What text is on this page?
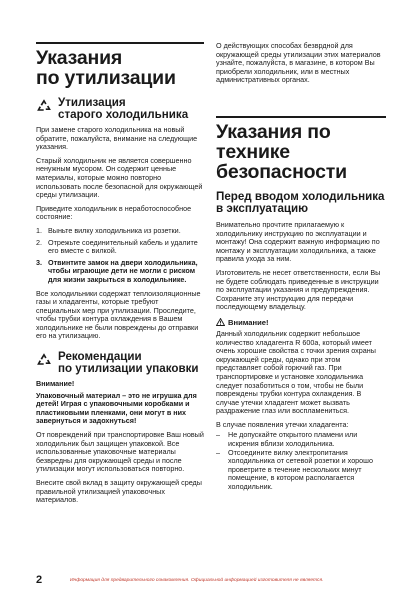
Указания
по утилизации
Утилизация
старого холодильника

При замене старого холодильника на новый обратите, пожалуйста, внимание на следующие указания.

Старый холодильник не является совершенно ненужным мусором. Он содержит ценные материалы, которые можно повторно использовать после безопасной для окружающей среды утилизации.

Приведите холодильник в неработоспособное состояние:

1. Выньте вилку холодильника из розетки.
2. Отрежьте соединительный кабель и удалите его вместе с вилкой.
3. Отвинтите замок на двери холодильника, чтобы играющие дети не могли с риском для жизни закрыться в холодильнике.

Все холодильники содержат теплоизоляционные газы и хладагенты, которые требуют специальных мер при утилизации. Проследите, чтобы трубки контура охлаждения в Вашем холодильнике не были повреждены до отправки его на утилизацию.

Рекомендации
по утилизации упаковки

Внимание!

Упаковочный материал – это не игрушка для детей! Играя с упаковочными коробками и пластиковыми пленками, они могут в них завернуться и задохнуться!

От повреждений при транспортировке Ваш новый холодильник был защищен упаковкой. Все использованные упаковочные материалы безвредны для окружающей среды и после утилизации могут использоваться повторно.

Внесите свой вклад в защиту окружающей среды правильной утилизацией упаковочных материалов.

О действующих способах безврдной для окружающей среды утилизации этих материалов узнайте, пожалуйста, в магазине, в котором Вы приобрели холодильник, или в местных административных органах.

Указания по технике безопасности
Перед вводом холодильника в эксплуатацию

Внимательно прочтите прилагаемую к холодильнику инструкцию по эксплуатации и монтажу! Она содержит важную информацию по монтажу и эксплуатации холодильника, а также правила ухода за ним.

Изготовитель не несет ответственности, если Вы не будете соблюдать приведенные в инструкции по эксплуатации указания и предупреждения. Сохраните эту инструкцию для передачи последующему владельцу.

Внимание!

Данный холодильник содержит небольшое количество хладагента R 600a, который имеет очень хорошие свойства с точки зрения охраны окружающей среды, однако при этом представляет собой горючий газ. При транспортировке и установке холодильника следует позаботиться о том, чтобы не были повреждены трубки контура охлаждения. В случае утечки хладагент может вызвать раздражение глаз или воспламениться.

В случае появления утечки хладагента:

–	Не допускайте открытого пламени или искрения вблизи холодильника.
–	Отсоедините вилку электропитания холодильника от сетевой розетки и хорошо проветрите в течение нескольких минут помещение, в котором располагается холодильник.
2	Информация для предварительного ознакомления. Официальной информацией изготовителя не является.
